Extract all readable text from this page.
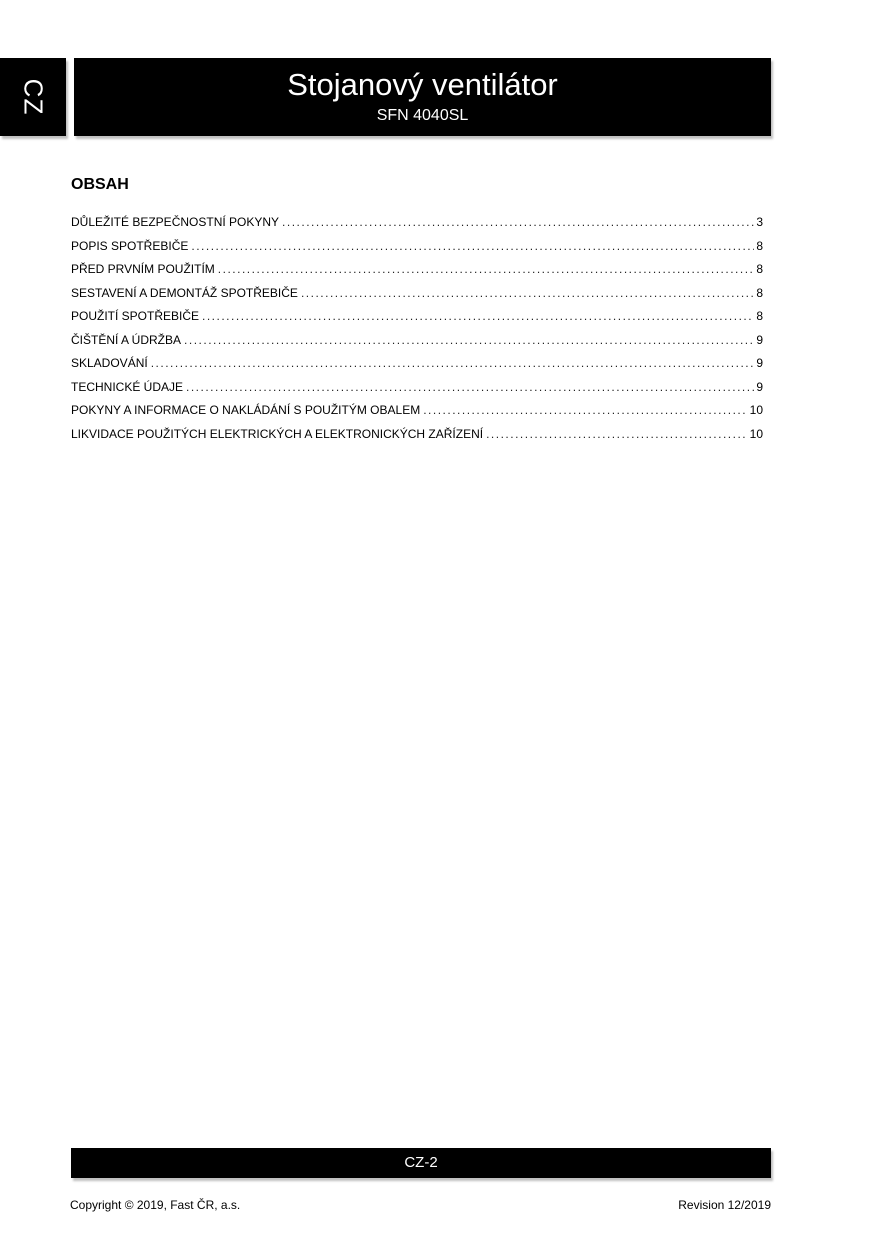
CZ	Stojanový ventilátor
SFN 4040SL
OBSAH
DŮLEŽITÉ BEZPEČNOSTNÍ POKYNY .....	3
POPIS SPOTŘEBIČE .....	8
PŘED PRVNÍM POUŽITÍM .....	8
SESTAVENÍ A DEMONTÁŽ SPOTŘEBIČE .....	8
POUŽITÍ SPOTŘEBIČE .....	8
ČIŠTĚNÍ A ÚDRŽBA .....	9
SKLADOVÁNÍ .....	9
TECHNICKÉ ÚDAJE .....	9
POKYNY A INFORMACE O NAKLÁDÁNÍ S POUŽITÝM OBALEM .....	10
LIKVIDACE POUŽITÝCH ELEKTRICKÝCH A ELEKTRONICKÝCH ZAŘÍZENÍ .....	10
CZ-2
Copyright © 2019, Fast ČR, a.s.	Revision 12/2019
